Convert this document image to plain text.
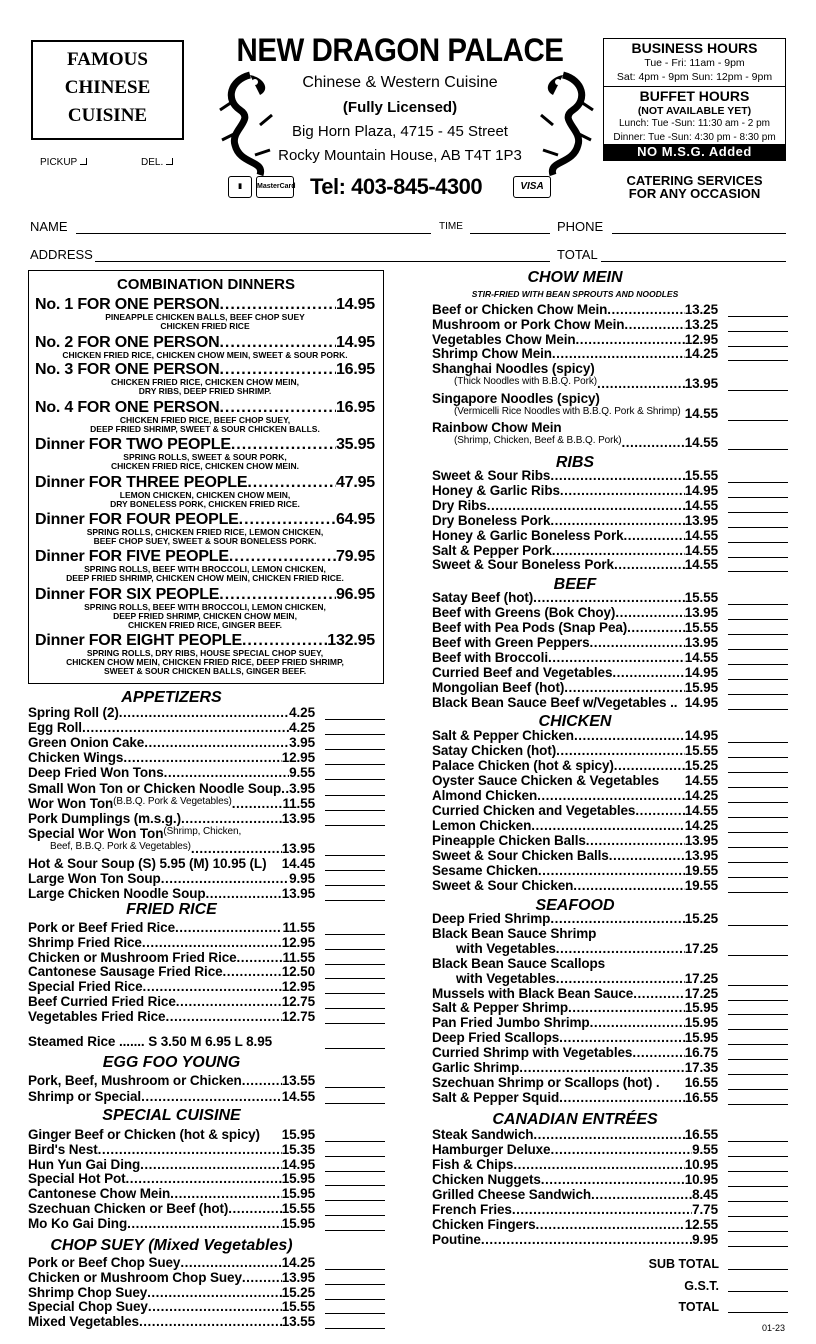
FAMOUS
CHINESE
CUISINE
PICKUP	DEL.
NEW DRAGON PALACE
Chinese & Western Cuisine
(Fully Licensed)
Big Horn Plaza, 4715 - 45 Street
Rocky Mountain House, AB T4T 1P3
▮	MasterCard Tel: 403-845-4300	VISA
BUSINESS HOURS
Tue - Fri: 11am - 9pm
Sat: 4pm - 9pm Sun: 12pm - 9pm
BUFFET HOURS
(NOT AVAILABLE YET)
Lunch: Tue -Sun: 11:30 am - 2 pm
Dinner: Tue -Sun: 4:30 pm - 8:30 pm
NO M.S.G. Added
CATERING SERVICES
FOR ANY OCCASION
NAME	TIME	PHONE
ADDRESS	TOTAL
COMBINATION DINNERS
No. 1 FOR ONE PERSON .....	14.95
PINEAPPLE CHICKEN BALLS, BEEF CHOP SUEY
CHICKEN FRIED RICE
No. 2 FOR ONE PERSON .....	14.95
CHICKEN FRIED RICE, CHICKEN CHOW MEIN, SWEET & SOUR PORK.
No. 3 FOR ONE PERSON .....	16.95
CHICKEN FRIED RICE, CHICKEN CHOW MEIN,
DRY RIBS, DEEP FRIED SHRIMP.
No. 4 FOR ONE PERSON .....	16.95
CHICKEN FRIED RICE, BEEF CHOP SUEY,
DEEP FRIED SHRIMP, SWEET & SOUR CHICKEN BALLS.
Dinner FOR TWO PEOPLE .....	35.95
SPRING ROLLS, SWEET & SOUR PORK,
CHICKEN FRIED RICE, CHICKEN CHOW MEIN.
Dinner FOR THREE PEOPLE .....	47.95
LEMON CHICKEN, CHICKEN CHOW MEIN,
DRY BONELESS PORK, CHICKEN FRIED RICE.
Dinner FOR FOUR PEOPLE .....	64.95
SPRING ROLLS, CHICKEN FRIED RICE, LEMON CHICKEN,
BEEF CHOP SUEY, SWEET & SOUR BONELESS PORK.
Dinner FOR FIVE PEOPLE .....	79.95
SPRING ROLLS, BEEF WITH BROCCOLI, LEMON CHICKEN,
DEEP FRIED SHRIMP, CHICKEN CHOW MEIN, CHICKEN FRIED RICE.
Dinner FOR SIX PEOPLE .....	96.95
SPRING ROLLS, BEEF WITH BROCCOLI, LEMON CHICKEN,
DEEP FRIED SHRIMP, CHICKEN CHOW MEIN,
CHICKEN FRIED RICE, GINGER BEEF.
Dinner FOR EIGHT PEOPLE .....	132.95
SPRING ROLLS, DRY RIBS, HOUSE SPECIAL CHOP SUEY,
CHICKEN CHOW MEIN, CHICKEN FRIED RICE, DEEP FRIED SHRIMP,
SWEET & SOUR CHICKEN BALLS, GINGER BEEF.
APPETIZERS
Spring Roll (2) .....	4.25
Egg Roll .....	4.25
Green Onion Cake .....	3.95
Chicken Wings .....	12.95
Deep Fried Won Tons .....	9.55
Small Won Ton or Chicken Noodle Soup ..... 3.95
Wor Won Ton (B.B.Q. Pork & Vegetables) .....	11.55
Pork Dumplings (m.s.g.) .....	13.95
Special Wor Won Ton (Shrimp, Chicken,
Beef, B.B.Q. Pork & Vegetables) .....	13.95
Hot & Sour Soup (S) 5.95 (M) 10.95 (L) 14.45
Large Won Ton Soup .....	9.95
Large Chicken Noodle Soup .....	13.95
FRIED RICE
Pork or Beef Fried Rice .....	11.55
Shrimp Fried Rice .....	12.95
Chicken or Mushroom Fried Rice .....	11.55
Cantonese Sausage Fried Rice .....	12.50
Special Fried Rice .....	12.95
Beef Curried Fried Rice .....	12.75
Vegetables Fried Rice .....	12.75
Steamed Rice ....... S 3.50 M 6.95 L 8.95
EGG FOO YOUNG
Pork, Beef, Mushroom or Chicken .....	13.55
Shrimp or Special .....	14.55
SPECIAL CUISINE
Ginger Beef or Chicken (hot & spicy) 15.95
Bird's Nest .....	15.35
Hun Yun Gai Ding .....	14.95
Special Hot Pot .....	15.95
Cantonese Chow Mein .....	15.95
Szechuan Chicken or Beef (hot) .....	15.55
Mo Ko Gai Ding .....	15.95
CHOP SUEY (Mixed Vegetables)
Pork or Beef Chop Suey .....	14.25
Chicken or Mushroom Chop Suey .....	13.95
Shrimp Chop Suey .....	15.25
Special Chop Suey .....	15.55
Mixed Vegetables .....	13.55
CHOW MEIN
STIR-FRIED WITH BEAN SPROUTS AND NOODLES
Beef or Chicken Chow Mein .....	13.25
Mushroom or Pork Chow Mein .....	13.25
Vegetables Chow Mein .....	12.95
Shrimp Chow Mein .....	14.25
Shanghai Noodles (spicy)
(Thick Noodles with B.B.Q. Pork) .....	13.95
Singapore Noodles (spicy)
(Vermicelli Rice Noodles with B.B.Q. Pork & Shrimp) 14.55
Rainbow Chow Mein
(Shrimp, Chicken, Beef & B.B.Q. Pork) .....	14.55
RIBS
Sweet & Sour Ribs .....	15.55
Honey & Garlic Ribs .....	14.95
Dry Ribs .....	14.55
Dry Boneless Pork .....	13.95
Honey & Garlic Boneless Pork .....	14.55
Salt & Pepper Pork .....	14.55
Sweet & Sour Boneless Pork .....	14.55
BEEF
Satay Beef (hot) .....	15.55
Beef with Greens (Bok Choy) .....	13.95
Beef with Pea Pods (Snap Pea) .....	15.55
Beef with Green Peppers .....	13.95
Beef with Broccoli .....	14.55
Curried Beef and Vegetables .....	14.95
Mongolian Beef (hot) .....	15.95
Black Bean Sauce Beef w/Vegetables .. 14.95
CHICKEN
Salt & Pepper Chicken .....	14.95
Satay Chicken (hot) .....	15.55
Palace Chicken (hot & spicy) .....	15.25
Oyster Sauce Chicken & Vegetables 14.55
Almond Chicken .....	14.25
Curried Chicken and Vegetables .....	14.55
Lemon Chicken .....	14.25
Pineapple Chicken Balls .....	13.95
Sweet & Sour Chicken Balls .....	13.95
Sesame Chicken .....	19.55
Sweet & Sour Chicken .....	19.55
SEAFOOD
Deep Fried Shrimp .....	15.25
Black Bean Sauce Shrimp
with Vegetables .....	17.25
Black Bean Sauce Scallops
with Vegetables .....	17.25
Mussels with Black Bean Sauce .....	17.25
Salt & Pepper Shrimp .....	15.95
Pan Fried Jumbo Shrimp .....	15.95
Deep Fried Scallops .....	15.95
Curried Shrimp with Vegetables .....	16.75
Garlic Shrimp .....	17.35
Szechuan Shrimp or Scallops (hot) . 16.55
Salt & Pepper Squid .....	16.55
CANADIAN ENTRÉES
Steak Sandwich .....	16.55
Hamburger Deluxe .....	9.55
Fish & Chips .....	10.95
Chicken Nuggets .....	10.95
Grilled Cheese Sandwich .....	8.45
French Fries .....	7.75
Chicken Fingers .....	12.55
Poutine .....	9.95
SUB TOTAL
G.S.T.
TOTAL
01-23
